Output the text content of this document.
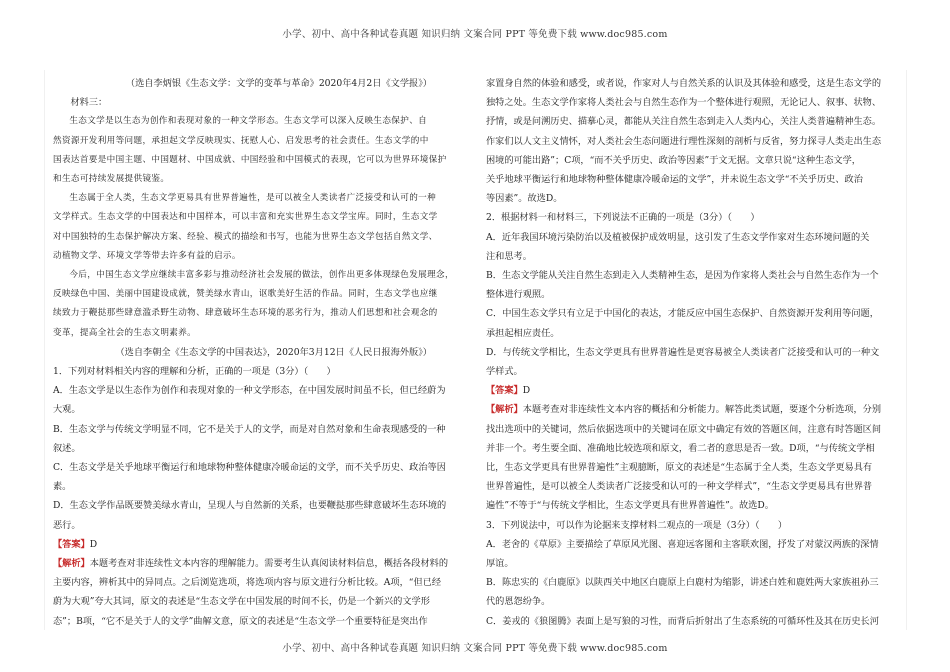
小学、初中、高中各种试卷真题 知识归纳 文案合同 PPT 等免费下载 www.doc985.com

（选自李炳银《生态文学：文学的变革与革命》2020年4月2日《文学报》）

材料三：

生态文学是以生态为创作和表现对象的一种文学形态。生态文学可以深入反映生态保护、自

然资源开发利用等问题，承担起文学反映现实、抚慰人心、启发思考的社会责任。生态文学的中

国表达首要是中国主题、中国题材、中国成就、中国经验和中国模式的表现，它可以为世界环境保护

和生态可持续发展提供镜鉴。

生态属于全人类，生态文学更易具有世界普遍性，是可以被全人类读者广泛接受和认可的一种

文学样式。生态文学的中国表达和中国样本，可以丰富和充实世界生态文学宝库。同时，生态文学

对中国独特的生态保护解决方案、经验、模式的描绘和书写，也能为世界生态文学包括自然文学、

动植物文学、环境文学等带去许多有益的启示。

今后，中国生态文学应继续丰富多彩与推动经济社会发展的做法，创作出更多体现绿色发展理念，

反映绿色中国、美丽中国建设成就，赞美绿水青山，讴歌美好生活的作品。同时，生态文学也应继

续致力于鞭挞那些肆意滥杀野生动物、肆意破坏生态环境的恶劣行为，推动人们思想和社会观念的

变革，提高全社会的生态文明素养。

（选自李朝全《生态文学的中国表达》，2020年3月12日《人民日报海外版》）

1．下列对材料相关内容的理解和分析，正确的一项是（3分）（　　）

A．生态文学是以生态作为创作和表现对象的一种文学形态，在中国发展时间虽不长，但已经蔚为

大观。

B．生态文学与传统文学明显不同，它不是关于人的文学，而是对自然对象和生命表现感受的一种

叙述。

C．生态文学是关乎地球平衡运行和地球物种整体健康冷暖命运的文学，而不关乎历史、政治等因

素。

D．生态文学作品既要赞美绿水青山，呈现人与自然新的关系，也要鞭挞那些肆意破坏生态环境的

恶行。

【答案】D

【解析】本题考查对非连续性文本内容的理解能力。需要考生认真阅读材料信息，概括各段材料的

主要内容，辨析其中的异同点。之后浏览选项，将选项内容与原文进行分析比较。A项，“但已经

蔚为大观”夸大其词，原文的表述是“生态文学在中国发展的时间不长，仍是一个新兴的文学形

态”；B项，“它不是关于人的文学”曲解文意，原文的表述是“生态文学一个重要特征是突出作

家置身自然的体验和感受，或者说，作家对人与自然关系的认识及其体验和感受，这是生态文学的

独特之处。生态文学作家将人类社会与自然生态作为一个整体进行观照，无论记人、叙事、状物、

抒情，或是问溯历史、描摹心灵，都能从关注自然生态到走入人类内心，关注人类普遍精神生态。

作家们以人文主义情怀，对人类社会生态问题进行理性深刻的剖析与反省，努力探寻人类走出生态

困境的可能出路”；C项，“而不关乎历史、政治等因素”于文无据。文章只说“这种生态文学，

关乎地球平衡运行和地球物种整体健康冷暖命运的文学”，并未说生态文学“不关乎历史、政治

等因素”。故选D。

2．根据材料一和材料三，下列说法不正确的一项是（3分）（　　）

A．近年我国环境污染防治以及植被保护成效明显，这引发了生态文学作家对生态环境问题的关

注和思考。

B．生态文学能从关注自然生态到走入人类精神生态，是因为作家将人类社会与自然生态作为一个

整体进行观照。

C．中国生态文学只有立足于中国化的表达，才能反应中国生态保护、自然资源开发利用等问题，

承担起相应责任。

D．与传统文学相比，生态文学更具有世界普遍性是更容易被全人类读者广泛接受和认可的一种文

学样式。

【答案】D

【解析】本题考查对非连续性文本内容的概括和分析能力。解答此类试题，要逐个分析选项，分别

找出选项中的关键词，然后依据选项中的关键词在原文中确定有效的答题区间，注意有时答题区间

并非一个。考生要全面、准确地比较选项和原文，看二者的意思是否一致。D项，“与传统文学相

比，生态文学更具有世界普遍性”主观臆断，原文的表述是“生态属于全人类，生态文学更易具有

世界普遍性，是可以被全人类读者广泛接受和认可的一种文学样式”，“生态文学更易具有世界普

遍性”不等于“与传统文学相比，生态文学更具有世界普遍性”。故选D。

3．下列说法中，可以作为论据来支撑材料二观点的一项是（3分）（　　）

A．老舍的《草原》主要描绘了草原风光图、喜迎远客图和主客联欢图，抒发了对蒙汉两族的深情

厚谊。

B．陈忠实的《白鹿原》以陕西关中地区白鹿原上白鹿村为缩影，讲述白姓和鹿姓两大家族祖孙三

代的恩怨纷争。

C．姜戎的《狼图腾》表面上是写狼的习性，而背后折射出了生态系统的可循环性及其在历史长河

小学、初中、高中各种试卷真题 知识归纳 文案合同 PPT 等免费下载 www.doc985.com
